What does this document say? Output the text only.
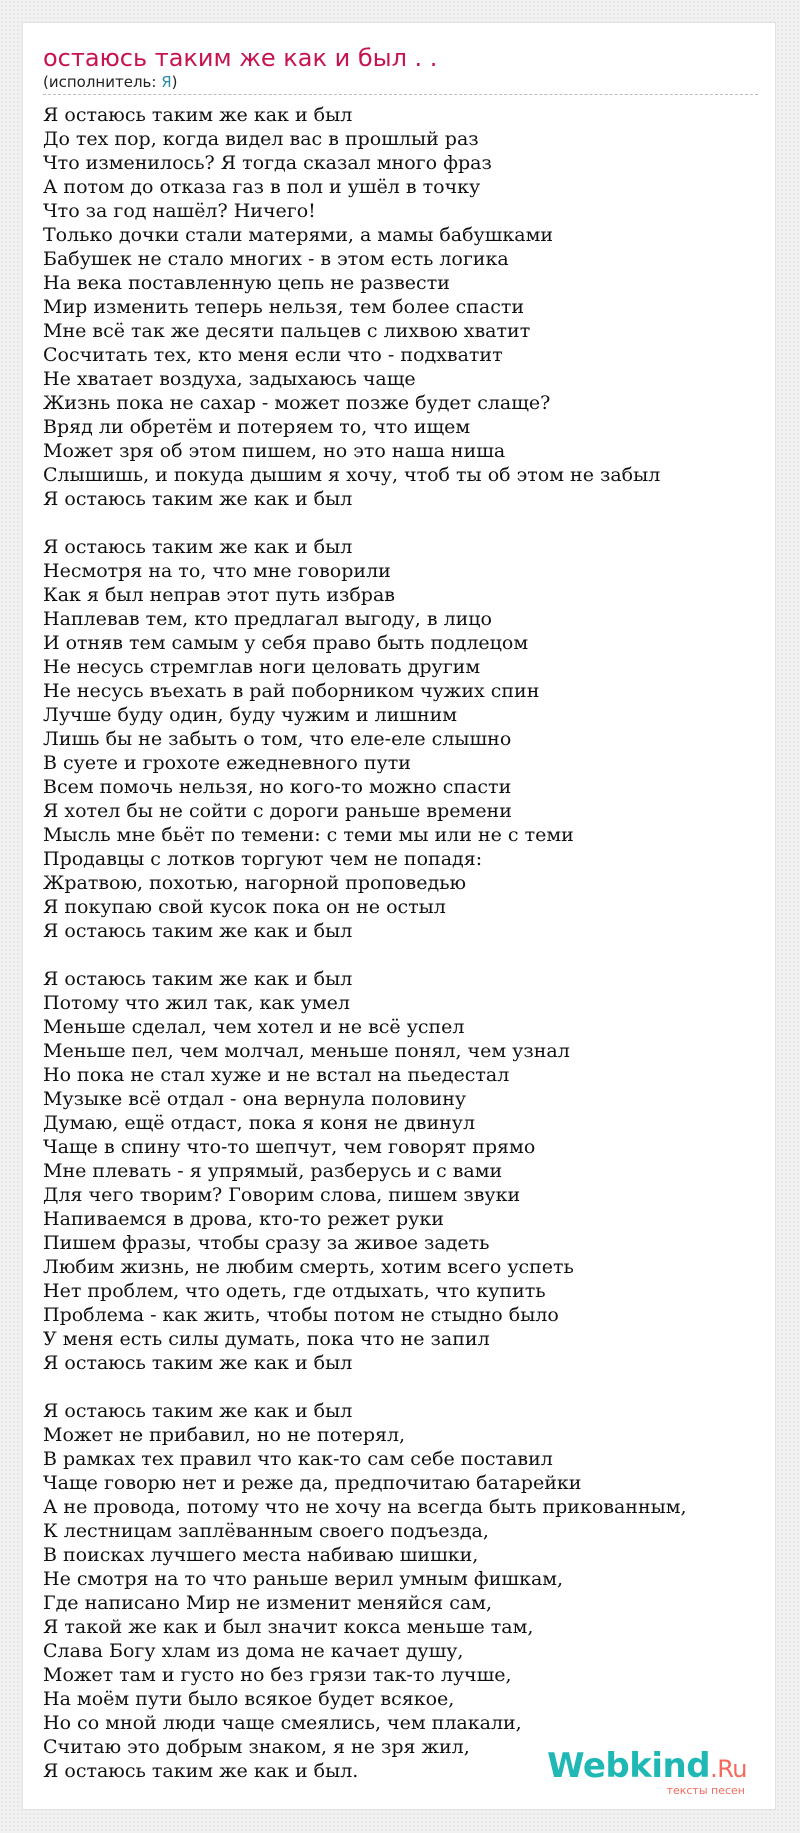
остаюсь таким же как и был . .
(исполнитель: Я)
Я остаюсь таким же как и был
До тех пор, когда видел вас в прошлый раз
Что изменилось? Я тогда сказал много фраз
А потом до отказа газ в пол и ушёл в точку
Что за год нашёл? Ничего!
Только дочки стали матерями, а мамы бабушками
Бабушек не стало многих - в этом есть логика
На века поставленную цепь не развести
Мир изменить теперь нельзя, тем более спасти
Мне всё так же десяти пальцев с лихвою хватит
Сосчитать тех, кто меня если что - подхватит
Не хватает воздуха, задыхаюсь чаще
Жизнь пока не сахар - может позже будет слаще?
Вряд ли обретём и потеряем то, что ищем
Может зря об этом пишем, но это наша ниша
Слышишь, и покуда дышим я хочу, чтоб ты об этом не забыл
Я остаюсь таким же как и был
Я остаюсь таким же как и был
Несмотря на то, что мне говорили
Как я был неправ этот путь избрав
Наплевав тем, кто предлагал выгоду, в лицо
И отняв тем самым у себя право быть подлецом
Не несусь стремглав ноги целовать другим
Не несусь въехать в рай поборником чужих спин
Лучше буду один, буду чужим и лишним
Лишь бы не забыть о том, что еле-еле слышно
В суете и грохоте ежедневного пути
Всем помочь нельзя, но кого-то можно спасти
Я хотел бы не сойти с дороги раньше времени
Мысль мне бьёт по темени: с теми мы или не с теми
Продавцы с лотков торгуют чем не попадя:
Жратвою, похотью, нагорной проповедью
Я покупаю свой кусок пока он не остыл
Я остаюсь таким же как и был
Я остаюсь таким же как и был
Потому что жил так, как умел
Меньше сделал, чем хотел и не всё успел
Меньше пел, чем молчал, меньше понял, чем узнал
Но пока не стал хуже и не встал на пьедестал
Музыке всё отдал - она вернула половину
Думаю, ещё отдаст, пока я коня не двинул
Чаще в спину что-то шепчут, чем говорят прямо
Мне плевать - я упрямый, разберусь и с вами
Для чего творим? Говорим слова, пишем звуки
Напиваемся в дрова, кто-то режет руки
Пишем фразы, чтобы сразу за живое задеть
Любим жизнь, не любим смерть, хотим всего успеть
Нет проблем, что одеть, где отдыхать, что купить
Проблема - как жить, чтобы потом не стыдно было
У меня есть силы думать, пока что не запил
Я остаюсь таким же как и был
Я остаюсь таким же как и был
Может не прибавил, но не потерял,
В рамках тех правил что как-то сам себе поставил
Чаще говорю нет и реже да, предпочитаю батарейки
А не провода, потому что не хочу на всегда быть прикованным,
К лестницам заплёванным своего подъезда,
В поисках лучшего места набиваю шишки,
Не смотря на то что раньше верил умным фишкам,
Где написано Мир не изменит меняйся сам,
Я такой же как и был значит кокса меньше там,
Слава Богу хлам из дома не качает душу,
Может там и густо но без грязи так-то лучше,
На моём пути было всякое будет всякое,
Но со мной люди чаще смеялись, чем плакали,
Считаю это добрым знаком, я не зря жил,
Я остаюсь таким же как и был.	Webkind.Ru
тексты песен
